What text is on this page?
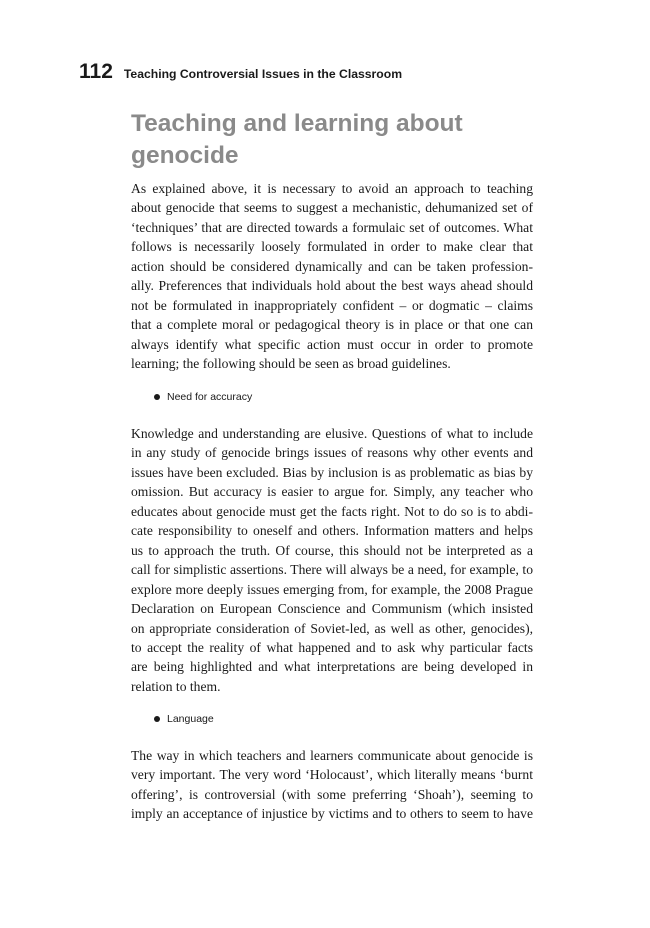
112 Teaching Controversial Issues in the Classroom
Teaching and learning about
genocide

As explained above, it is necessary to avoid an approach to teaching
about genocide that seems to suggest a mechanistic, dehumanized set of
‘techniques’ that are directed towards a formulaic set of outcomes. What
follows is necessarily loosely formulated in order to make clear that
action should be considered dynamically and can be taken profession-
ally. Preferences that individuals hold about the best ways ahead should
not be formulated in inappropriately confident – or dogmatic – claims
that a complete moral or pedagogical theory is in place or that one can
always identify what specific action must occur in order to promote
learning; the following should be seen as broad guidelines.

Need for accuracy

Knowledge and understanding are elusive. Questions of what to include
in any study of genocide brings issues of reasons why other events and
issues have been excluded. Bias by inclusion is as problematic as bias by
omission. But accuracy is easier to argue for. Simply, any teacher who
educates about genocide must get the facts right. Not to do so is to abdi-
cate responsibility to oneself and others. Information matters and helps
us to approach the truth. Of course, this should not be interpreted as a
call for simplistic assertions. There will always be a need, for example, to
explore more deeply issues emerging from, for example, the 2008 Prague
Declaration on European Conscience and Communism (which insisted
on appropriate consideration of Soviet-led, as well as other, genocides),
to accept the reality of what happened and to ask why particular facts
are being highlighted and what interpretations are being developed in
relation to them.

Language

The way in which teachers and learners communicate about genocide is
very important. The very word ‘Holocaust’, which literally means ‘burnt
offering’, is controversial (with some preferring ‘Shoah’), seeming to
imply an acceptance of injustice by victims and to others to seem to have
